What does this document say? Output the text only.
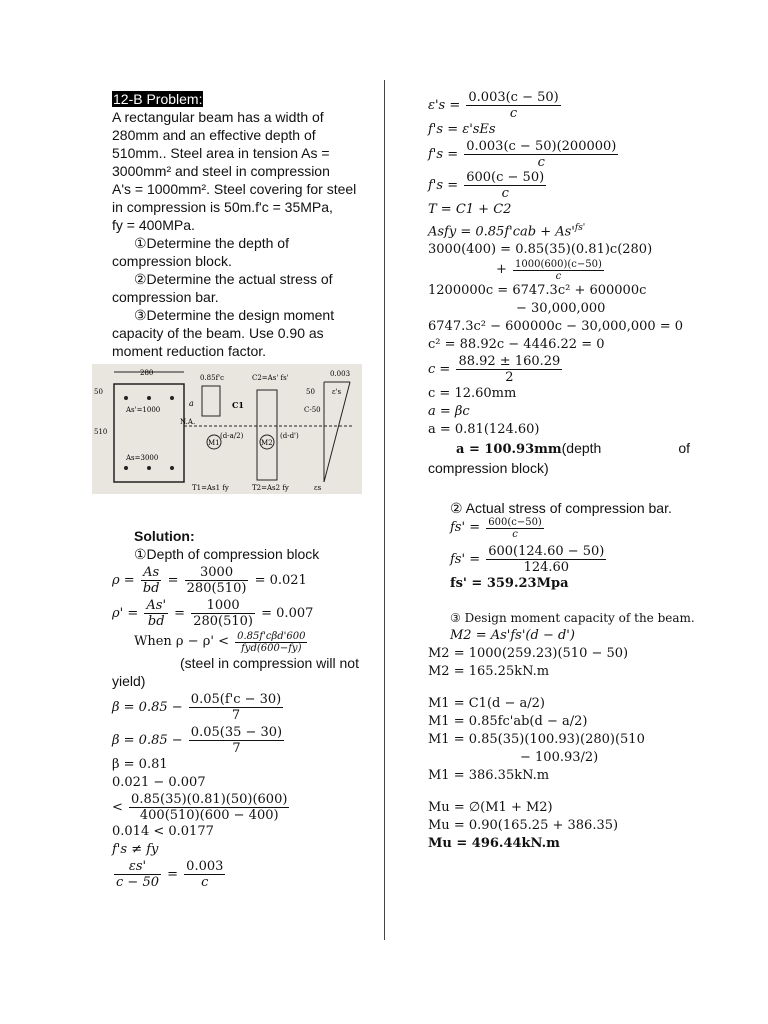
12-B Problem:
A rectangular beam has a width of
280mm and an effective depth of
510mm.. Steel area in tension As =
3000mm² and steel in compression
A's = 1000mm². Steel covering for steel
in compression is 50m.f'c = 35MPa,
fy = 400MPa.
①Determine the depth of
compression block.
②Determine the actual stress of
compression bar.
③Determine the design moment
capacity of the beam. Use 0.90 as
moment reduction factor.
280
50
510
As'=1000
As=3000
N.A.
0.85f'c
a	C1
M1
(d-a/2)
C2=As' fs'
50
M2
(d-d')
C-50
0.003
ε's
T1=As1 fy	T2=As2 fy	εs
Solution:
①Depth of compression block
$\rho = \frac{As}{bd} = \frac{3000}{280(510)} = 0.021$
$\rho' = \frac{As'}{bd} = \frac{1000}{280(510)} = 0.007$
When $\rho - \rho' < \frac{\text{0.85f'cβd'600}}{\text{fyd(600−fy)}}$
(steel in compression will not
yield)
$\beta = 0.85 - \frac{0.05(f'c - 30)}{7}$
$\beta = 0.85 - \frac{0.05(35 - 30)}{7}$
β = 0.81
0.021 − 0.007
< $\frac{0.85(35)(0.81)(50)(600)}{400(510)(600 - 400)}$
0.014 < 0.0177
f's ≠ fy
$\frac{\varepsilon s'}{c - 50} = \frac{0.003}{c}$
$\varepsilon's = \frac{0.003(c - 50)}{c}$
f's = ε'sEs
$f's = \frac{0.003(c - 50)(200000)}{c}$
$f's = \frac{600(c - 50)}{c}$
T = C1 + C2
Asfy = $0.85f'cab + As'^{fs'}$
3000(400) = 0.85(35)(0.81)c(280)
+ $\frac{1000(600)(c-50)}{c}$
1200000c = 6747.3c² + 600000c
− 30,000,000
6747.3c² − 600000c − 30,000,000 = 0
c² = 88.92c − 4446.22 = 0
$c = \frac{88.92 \pm 160.29}{2}$
c = 12.60mm
a = βc
a = 0.81(124.60)
a = 100.93mm(depth	of
compression block)
② Actual stress of compression bar.
$fs' = \frac{600(c-50)}{c}$
$fs' = \frac{600(124.60 - 50)}{124.60}$
fs' = 359.23Mpa
③ Design moment capacity of the beam.
M2 = As'fs'(d − d')
M2 = 1000(259.23)(510 − 50)
M2 = 165.25kN.m
M1 = C1(d − a/2)
M1 = 0.85fc'ab(d − a/2)
M1 = 0.85(35)(100.93)(280)(510
− 100.93/2)
M1 = 386.35kN.m
Mu = ∅(M1 + M2)
Mu = 0.90(165.25 + 386.35)
Mu = 496.44kN.m
